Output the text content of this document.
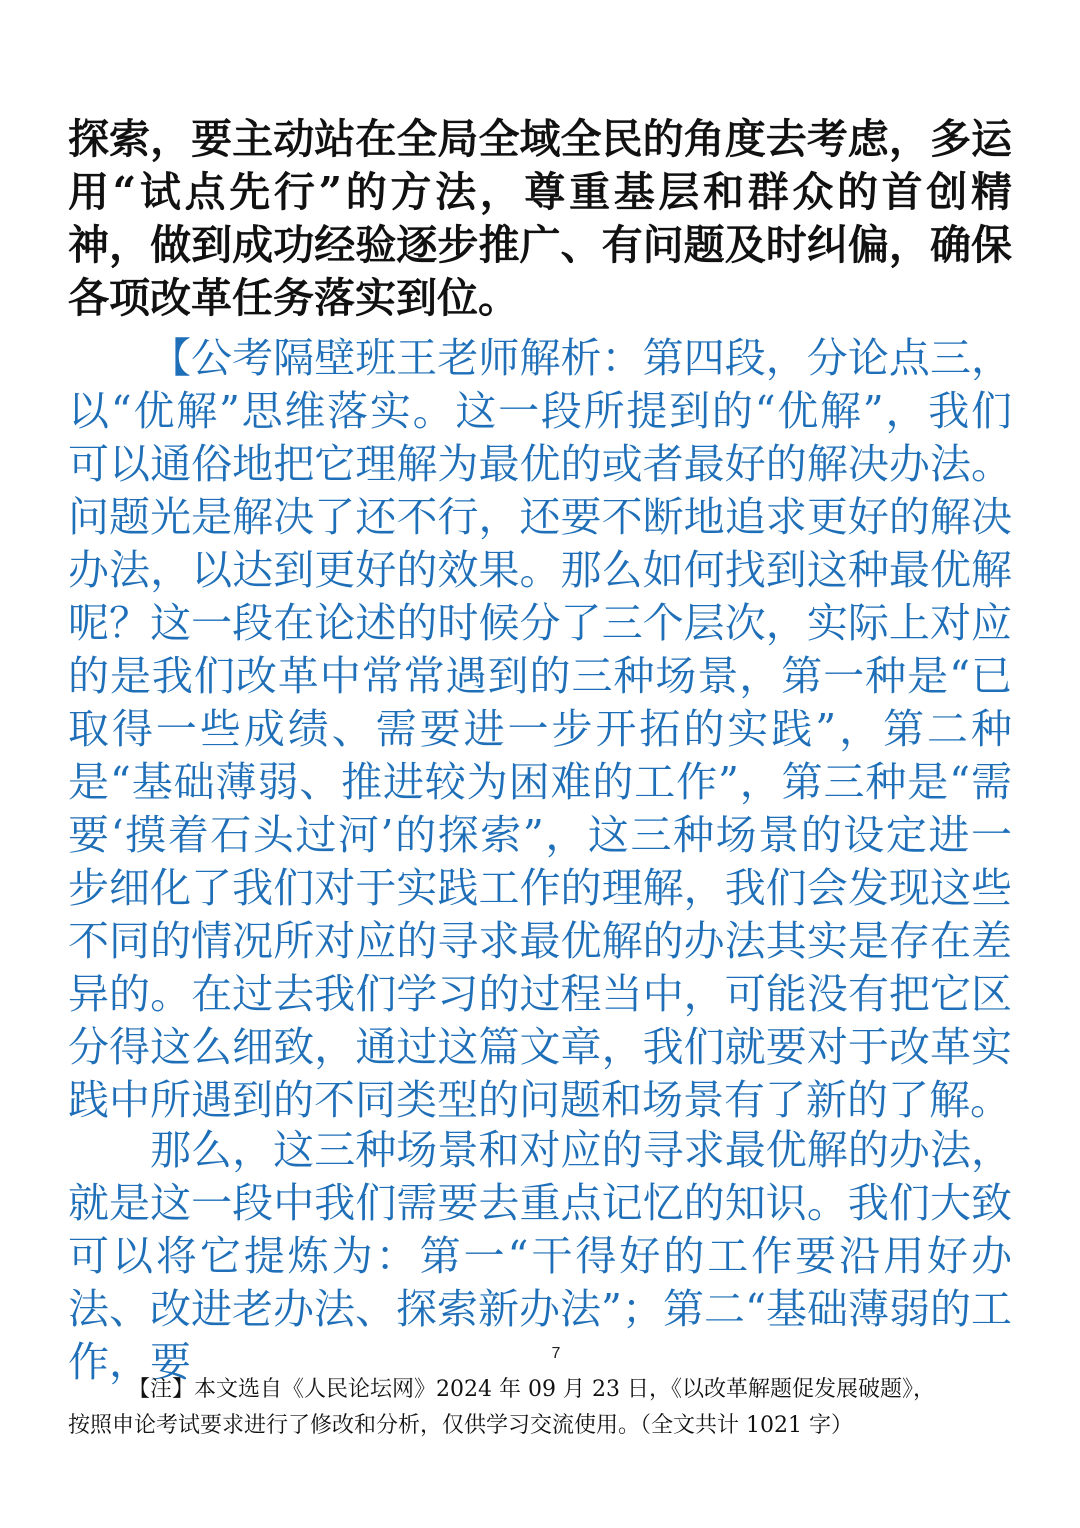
探索，要主动站在全局全域全民的角度去考虑，多运用“试点先行”的方法，尊重基层和群众的首创精神，做到成功经验逐步推广、有问题及时纠偏，确保各项改革任务落实到位。

【公考隔壁班王老师解析：第四段，分论点三，以“优解”思维落实。这一段所提到的“优解”，我们可以通俗地把它理解为最优的或者最好的解决办法。问题光是解决了还不行，还要不断地追求更好的解决办法，以达到更好的效果。那么如何找到这种最优解呢？这一段在论述的时候分了三个层次，实际上对应的是我们改革中常常遇到的三种场景，第一种是“已取得一些成绩、需要进一步开拓的实践”，第二种是“基础薄弱、推进较为困难的工作”，第三种是“需要‘摸着石头过河’的探索”，这三种场景的设定进一步细化了我们对于实践工作的理解，我们会发现这些不同的情况所对应的寻求最优解的办法其实是存在差异的。在过去我们学习的过程当中，可能没有把它区分得这么细致，通过这篇文章，我们就要对于改革实践中所遇到的不同类型的问题和场景有了新的了解。

那么，这三种场景和对应的寻求最优解的办法，就是这一段中我们需要去重点记忆的知识。我们大致可以将它提炼为：第一“干得好的工作要沿用好办法、改进老办法、探索新办法”；第二“基础薄弱的工作，要	7
【注】本文选自《人民论坛网》2024 年 09 月 23 日，《以改革解题促发展破题》，
按照申论考试要求进行了修改和分析，仅供学习交流使用。（全文共计 1021 字）
